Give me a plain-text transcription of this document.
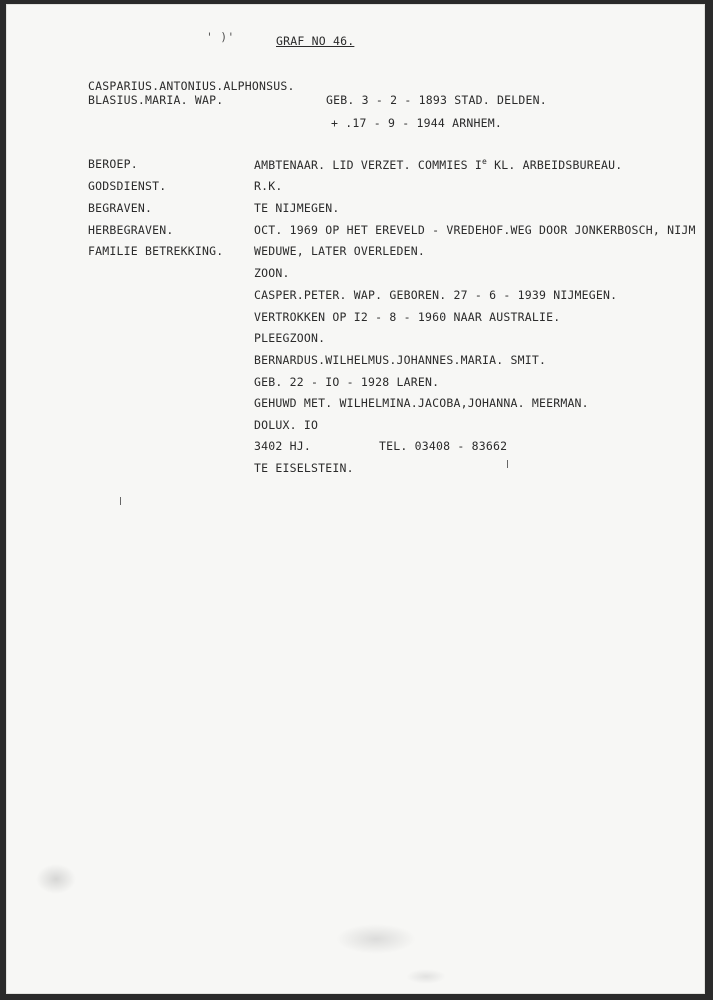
' )'	GRAF NO 46.
CASPARIUS.ANTONIUS.ALPHONSUS.
BLASIUS.MARIA. WAP.	GEB. 3 - 2 - 1893 STAD. DELDEN.
+ .17 - 9 - 1944 ARNHEM.
BEROEP.	AMBTENAAR. LID VERZET. COMMIES Ie KL. ARBEIDSBUREAU.
GODSDIENST.	R.K.
BEGRAVEN.	TE NIJMEGEN.
HERBEGRAVEN.	OCT. 1969 OP HET EREVELD - VREDEHOF.WEG DOOR JONKERBOSCH, NIJM
FAMILIE BETREKKING.	WEDUWE, LATER OVERLEDEN.
ZOON.
CASPER.PETER. WAP. GEBOREN. 27 - 6 - 1939 NIJMEGEN.
VERTROKKEN OP I2 - 8 - 1960 NAAR AUSTRALIE.
PLEEGZOON.
BERNARDUS.WILHELMUS.JOHANNES.MARIA. SMIT.
GEB. 22 - IO - 1928 LAREN.
GEHUWD MET. WILHELMINA.JACOBA,JOHANNA. MEERMAN.
DOLUX. IO
3402 HJ.	TEL. 03408 - 83662
TE EISELSTEIN.
